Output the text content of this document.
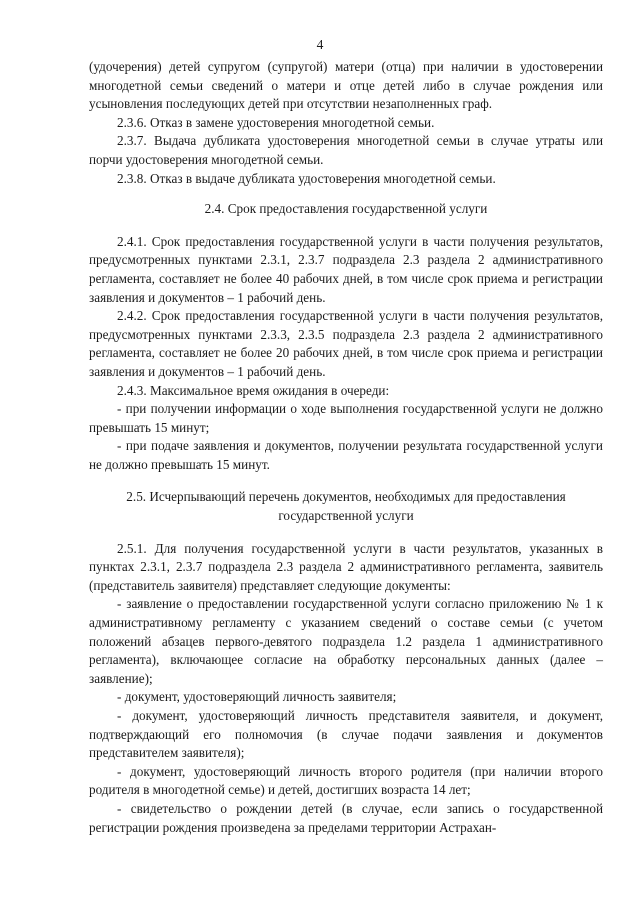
4

(удочерения) детей супругом (супругой) матери (отца) при наличии в удостоверении многодетной семьи сведений о матери и отце детей либо в случае рождения или усыновления последующих детей при отсутствии незаполненных граф.

2.3.6. Отказ в замене удостоверения многодетной семьи.

2.3.7. Выдача дубликата удостоверения многодетной семьи в случае утраты или порчи удостоверения многодетной семьи.

2.3.8. Отказ в выдаче дубликата удостоверения многодетной семьи.

2.4. Срок предоставления государственной услуги

2.4.1. Срок предоставления государственной услуги в части получения результатов, предусмотренных пунктами 2.3.1, 2.3.7 подраздела 2.3 раздела 2 административного регламента, составляет не более 40 рабочих дней, в том числе срок приема и регистрации заявления и документов – 1 рабочий день.

2.4.2. Срок предоставления государственной услуги в части получения результатов, предусмотренных пунктами 2.3.3, 2.3.5 подраздела 2.3 раздела 2 административного регламента, составляет не более 20 рабочих дней, в том числе срок приема и регистрации заявления и документов – 1 рабочий день.

2.4.3. Максимальное время ожидания в очереди:

- при получении информации о ходе выполнения государственной услуги не должно превышать 15 минут;

- при подаче заявления и документов, получении результата государственной услуги не должно превышать 15 минут.

2.5. Исчерпывающий перечень документов, необходимых для предоставления государственной услуги

2.5.1. Для получения государственной услуги в части результатов, указанных в пунктах 2.3.1, 2.3.7 подраздела 2.3 раздела 2 административного регламента, заявитель (представитель заявителя) представляет следующие документы:

- заявление о предоставлении государственной услуги согласно приложению № 1 к административному регламенту с указанием сведений о составе семьи (с учетом положений абзацев первого-девятого подраздела 1.2 раздела 1 административного регламента), включающее согласие на обработку персональных данных (далее – заявление);

- документ, удостоверяющий личность заявителя;

- документ, удостоверяющий личность представителя заявителя, и документ, подтверждающий его полномочия (в случае подачи заявления и документов представителем заявителя);

- документ, удостоверяющий личность второго родителя (при наличии второго родителя в многодетной семье) и детей, достигших возраста 14 лет;

- свидетельство о рождении детей (в случае, если запись о государственной регистрации рождения произведена за пределами территории Астрахан-
